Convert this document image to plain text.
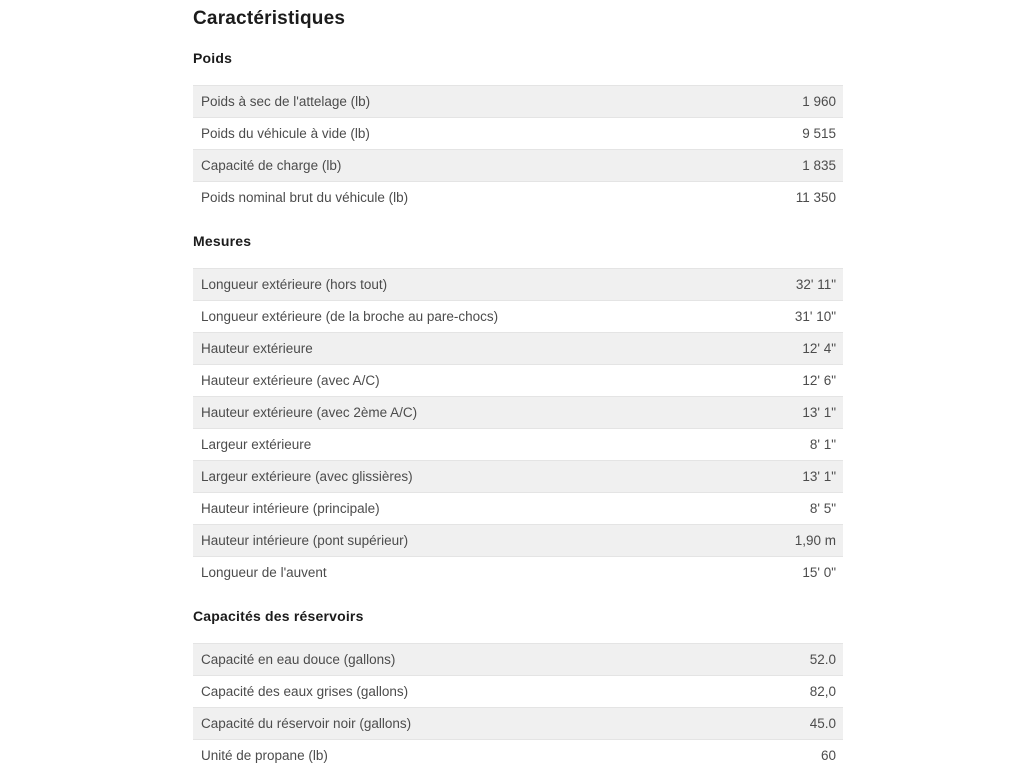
Caractéristiques
Poids
Poids à sec de l'attelage (lb)	1 960
Poids du véhicule à vide (lb)	9 515
Capacité de charge (lb)	1 835
Poids nominal brut du véhicule (lb)	11 350
Mesures
Longueur extérieure (hors tout)	32' 11"
Longueur extérieure (de la broche au pare-chocs)	31' 10"
Hauteur extérieure	12' 4"
Hauteur extérieure (avec A/C)	12' 6"
Hauteur extérieure (avec 2ème A/C)	13' 1"
Largeur extérieure	8' 1"
Largeur extérieure (avec glissières)	13' 1"
Hauteur intérieure (principale)	8' 5"
Hauteur intérieure (pont supérieur)	1,90 m
Longueur de l'auvent	15' 0"
Capacités des réservoirs
Capacité en eau douce (gallons)	52.0
Capacité des eaux grises (gallons)	82,0
Capacité du réservoir noir (gallons)	45.0
Unité de propane (lb)	60
